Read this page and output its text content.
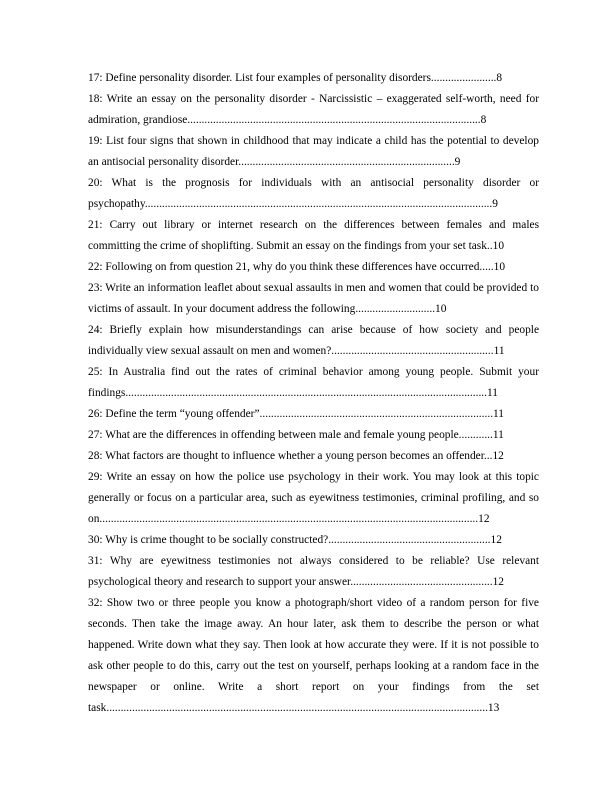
17: Define personality disorder. List four examples of personality disorders.......................8

18: Write an essay on the personality disorder - Narcissistic – exaggerated self-worth, need for admiration, grandiose.......................................................................................................8

19: List four signs that shown in childhood that may indicate a child has the potential to develop an antisocial personality disorder............................................................................9

20: What is the prognosis for individuals with an antisocial personality disorder or psychopathy..........................................................................................................................9

21: Carry out library or internet research on the differences between females and males committing the crime of shoplifting. Submit an essay on the findings from your set task..10

22: Following on from question 21, why do you think these differences have occurred.....10

23: Write an information leaflet about sexual assaults in men and women that could be provided to victims of assault. In your document address the following............................10

24: Briefly explain how misunderstandings can arise because of how society and people individually view sexual assault on men and women?.........................................................11

25: In Australia find out the rates of criminal behavior among young people. Submit your findings...............................................................................................................................11

26: Define the term “young offender”..................................................................................11

27: What are the differences in offending between male and female young people............11

28: What factors are thought to influence whether a young person becomes an offender...12

29: Write an essay on how the police use psychology in their work. You may look at this topic generally or focus on a particular area, such as eyewitness testimonies, criminal profiling, and so on.....................................................................................................................................12

30: Why is crime thought to be socially constructed?.........................................................12

31: Why are eyewitness testimonies not always considered to be reliable? Use relevant psychological theory and research to support your answer..................................................12

32: Show two or three people you know a photograph/short video of a random person for five seconds. Then take the image away. An hour later, ask them to describe the person or what happened. Write down what they say. Then look at how accurate they were. If it is not possible to ask other people to do this, carry out the test on yourself, perhaps looking at a random face in the newspaper or online. Write a short report on your findings from the set task......................................................................................................................................13
